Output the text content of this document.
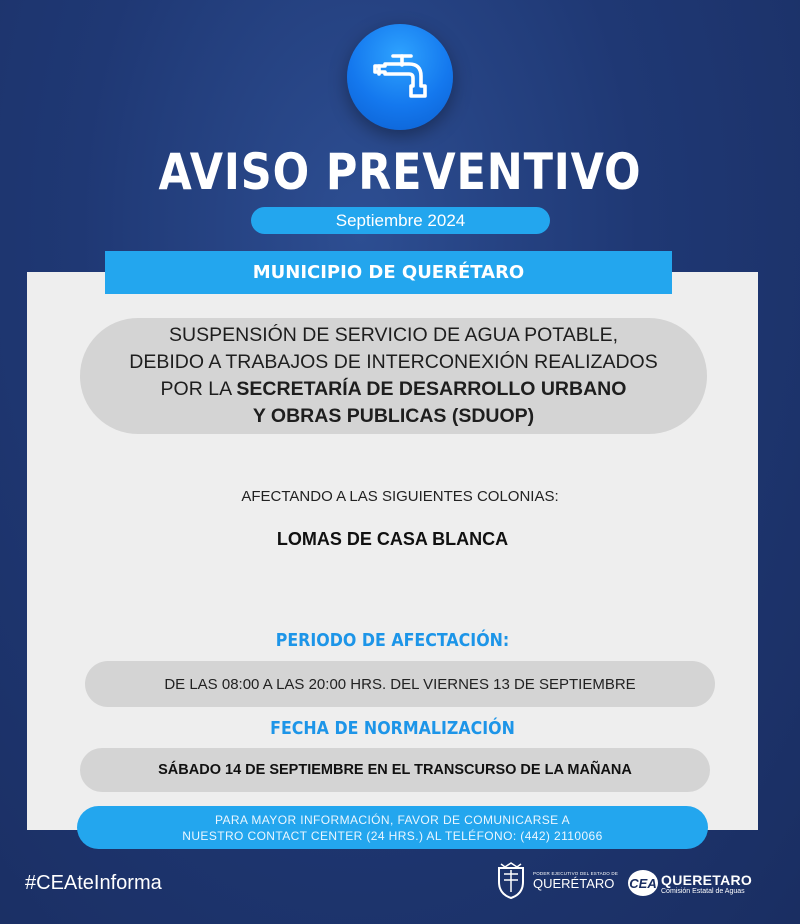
AVISO PREVENTIVO
Septiembre 2024
MUNICIPIO DE QUERÉTARO
SUSPENSIÓN DE SERVICIO DE AGUA POTABLE,
DEBIDO A TRABAJOS DE INTERCONEXIÓN REALIZADOS
POR LA SECRETARÍA DE DESARROLLO URBANO
Y OBRAS PUBLICAS (SDUOP)
AFECTANDO A LAS SIGUIENTES COLONIAS:
LOMAS DE CASA BLANCA
PERIODO DE AFECTACIÓN:
DE LAS 08:00 A LAS 20:00 HRS. DEL VIERNES 13 DE SEPTIEMBRE
FECHA DE NORMALIZACIÓN
SÁBADO 14 DE SEPTIEMBRE EN EL TRANSCURSO DE LA MAÑANA
PARA MAYOR INFORMACIÓN, FAVOR DE COMUNICARSE A
NUESTRO CONTACT CENTER (24 HRS.) AL TELÉFONO: (442) 2110066
#CEAteInforma	PODER EJECUTIVO DEL ESTADO DE
QUERÉTARO CEA QUERETARO
Comisión Estatal de Aguas
